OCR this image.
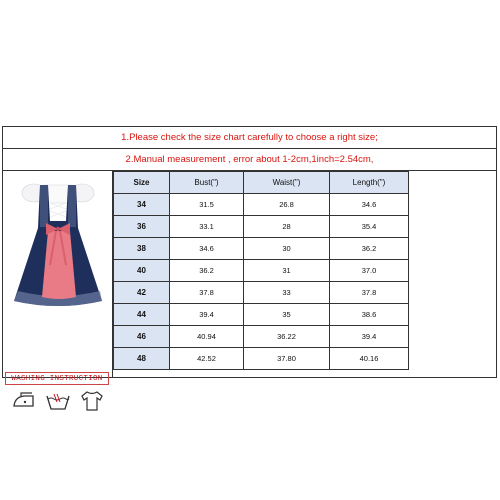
1.Please check the size chart carefully to choose a right size;
2.Manual measurement , error about 1-2cm,1inch=2.54cm,
WASHING INSTRUCTION
Size	Bust(")	Waist(")	Length(")
34	31.5	26.8	34.6
36	33.1	28	35.4
38	34.6	30	36.2
40	36.2	31	37.0
42	37.8	33	37.8
44	39.4	35	38.6
46	40.94	36.22	39.4
48	42.52	37.80	40.16
